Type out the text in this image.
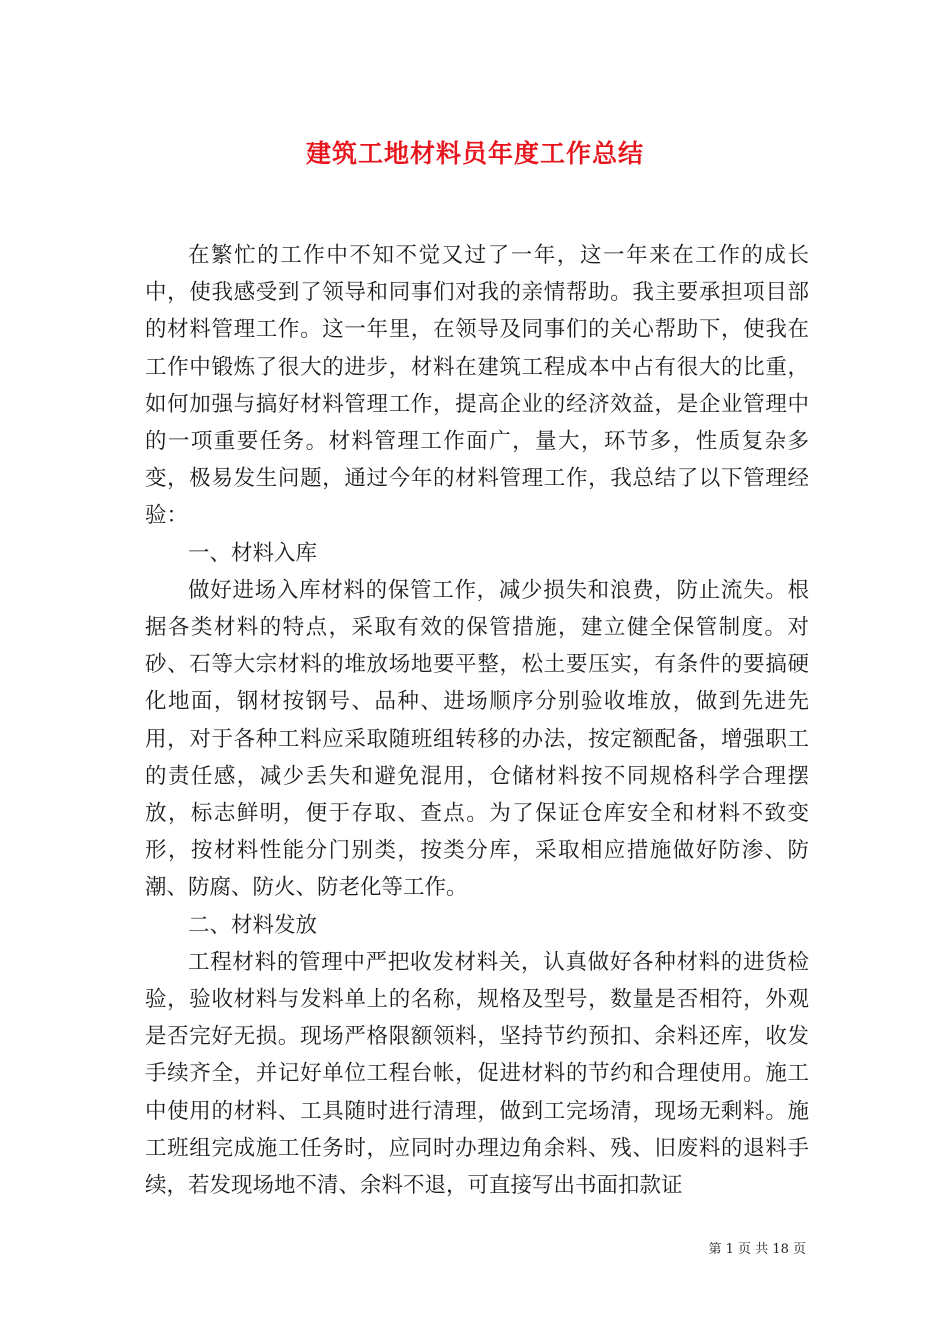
建筑工地材料员年度工作总结

在繁忙的工作中不知不觉又过了一年，这一年来在工作的成长中，使我感受到了领导和同事们对我的亲情帮助。我主要承担项目部的材料管理工作。这一年里，在领导及同事们的关心帮助下，使我在工作中锻炼了很大的进步，材料在建筑工程成本中占有很大的比重，如何加强与搞好材料管理工作，提高企业的经济效益，是企业管理中的一项重要任务。材料管理工作面广，量大，环节多，性质复杂多变，极易发生问题，通过今年的材料管理工作，我总结了以下管理经验：

一、材料入库

做好进场入库材料的保管工作，减少损失和浪费，防止流失。根据各类材料的特点，采取有效的保管措施，建立健全保管制度。对砂、石等大宗材料的堆放场地要平整，松土要压实，有条件的要搞硬化地面，钢材按钢号、品种、进场顺序分别验收堆放，做到先进先用，对于各种工料应采取随班组转移的办法，按定额配备，增强职工的责任感，减少丢失和避免混用，仓储材料按不同规格科学合理摆放，标志鲜明，便于存取、查点。为了保证仓库安全和材料不致变形，按材料性能分门别类，按类分库，采取相应措施做好防渗、防潮、防腐、防火、防老化等工作。

二、材料发放

工程材料的管理中严把收发材料关，认真做好各种材料的进货检验，验收材料与发料单上的名称，规格及型号，数量是否相符，外观是否完好无损。现场严格限额领料，坚持节约预扣、余料还库，收发手续齐全，并记好单位工程台帐，促进材料的节约和合理使用。施工中使用的材料、工具随时进行清理，做到工完场清，现场无剩料。施工班组完成施工任务时，应同时办理边角余料、残、旧废料的退料手续，若发现场地不清、余料不退，可直接写出书面扣款证

第 1 页 共 18 页
